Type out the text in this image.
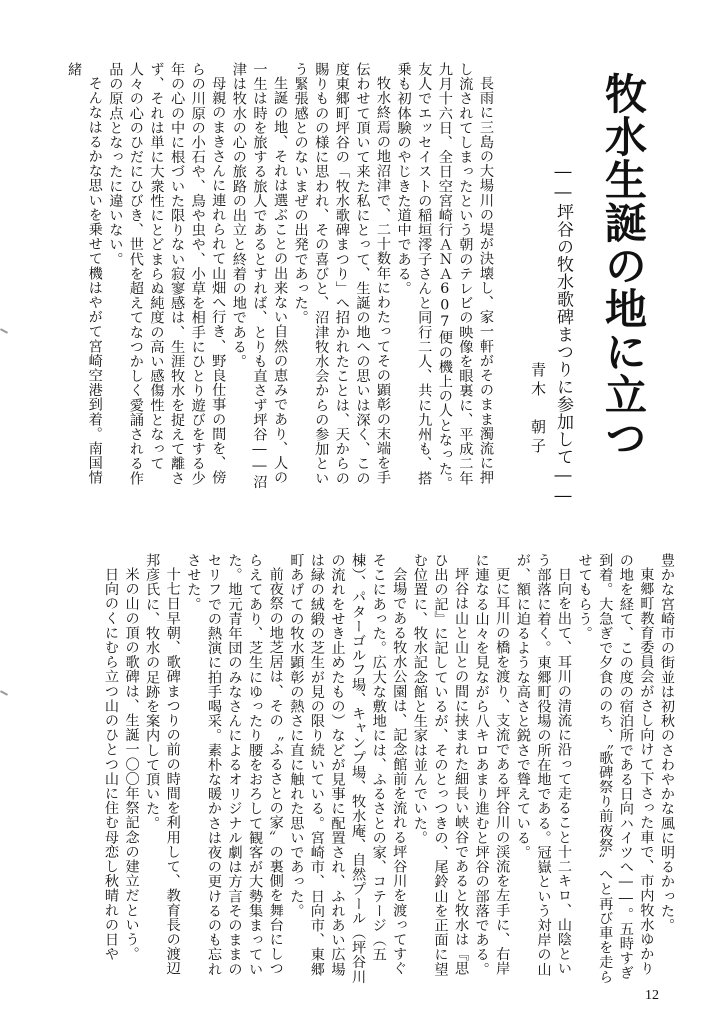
牧水生誕の地に立つ
――坪谷の牧水歌碑まつりに参加して――
青木　朝子

長雨に三島の大場川の堤が決壊し、家一軒がそのまま濁流に押し流されてしまったという朝のテレビの映像を眼裏に、平成二年九月十六日、全日空宮崎行ＡＮＡ607便の機上の人となった。友人でエッセイストの稲垣澪子さんと同行二人、共に九州も、搭乗も初体験のやじきた道中である。

牧水終焉の地沼津で、二十数年にわたってその顕彰の末端を手伝わせて頂いて来た私にとって、生誕の地への思いは深く、この度東郷町坪谷の「牧水歌碑まつり」へ招かれたことは、天からの賜りものの様に思われ、その喜びと、沼津牧水会からの参加という緊張感とのないまぜの出発であった。

生誕の地、それは選ぶことの出来ない自然の恵みであり、人の一生は時を旅する旅人であるとすれば、とりも直さず坪谷――沼津は牧水の心の旅路の出立と終着の地である。

母親のまきさんに連れられて山畑へ行き、野良仕事の間を、傍らの川原の小石や、鳥や虫や、小草を相手にひとり遊びをする少年の心の中に根づいた限りない寂寥感は、生涯牧水を捉えて離さず、それは単に大衆性にとどまらぬ純度の高い感傷性となって人々の心のひだにひびき、世代を超えてなつかしく愛誦される作品の原点となったに違いない。

そんなはるかな思いを乗せて機はやがて宮崎空港到着。南国情緒

豊かな宮崎市の街並は初秋のさわやかな風に明るかった。

東郷町教育委員会がさし向けて下さった車で、市内牧水ゆかりの地を経て、この度の宿泊所である日向ハイツへ――。五時すぎ到着。大急ぎで夕食ののち、〝歌碑祭り前夜祭〟へと再び車を走らせてもらう。

日向を出て、耳川の清流に沿って走ること十二キロ、山陰という部落に着く。東郷町役場の所在地である。冠嶽という対岸の山が、額に迫るような高さと鋭さで聳えている。

更に耳川の橋を渡り、支流である坪谷川の渓流を左手に、右岸に連なる山々を見ながら八キロあまり進むと坪谷の部落である。

坪谷は山と山との間に挟まれた細長い峡谷であると牧水は『思ひ出の記』に記しているが、そのとっつきの、尾鈴山を正面に望む位置に、牧水記念館と生家は並んでいた。

会場である牧水公園は、記念館前を流れる坪谷川を渡ってすぐそこにあった。広大な敷地には、ふるさとの家、コテージ（五棟）、パターゴルフ場、キャンプ場、牧水庵、自然プール（坪谷川の流れをせき止めたもの）などが見事に配置され、ふれあい広場は緑の絨緞の芝生が見の限り続いている。宮崎市、日向市、東郷町あげての牧水顕彰の熱さに直に触れた思いであった。

前夜祭の地芝居は、その〝ふるさとの家〟の裏側を舞台にしつらえてあり、芝生にゆったり腰をおろして観客が大勢集まっていた。地元青年団のみなさんによるオリジナル劇は方言そのままのセリフでの熱演に拍手喝采。素朴な暖かさは夜の更けるのも忘れさせた。

十七日早朝、歌碑まつりの前の時間を利用して、教育長の渡辺邦彦氏に、牧水の足跡を案内して頂いた。

米の山の頂の歌碑は、生誕一〇〇年祭記念の建立だという。

日向のくにむら立つ山のひとつ山に住む母恋し秋晴れの日や

12
